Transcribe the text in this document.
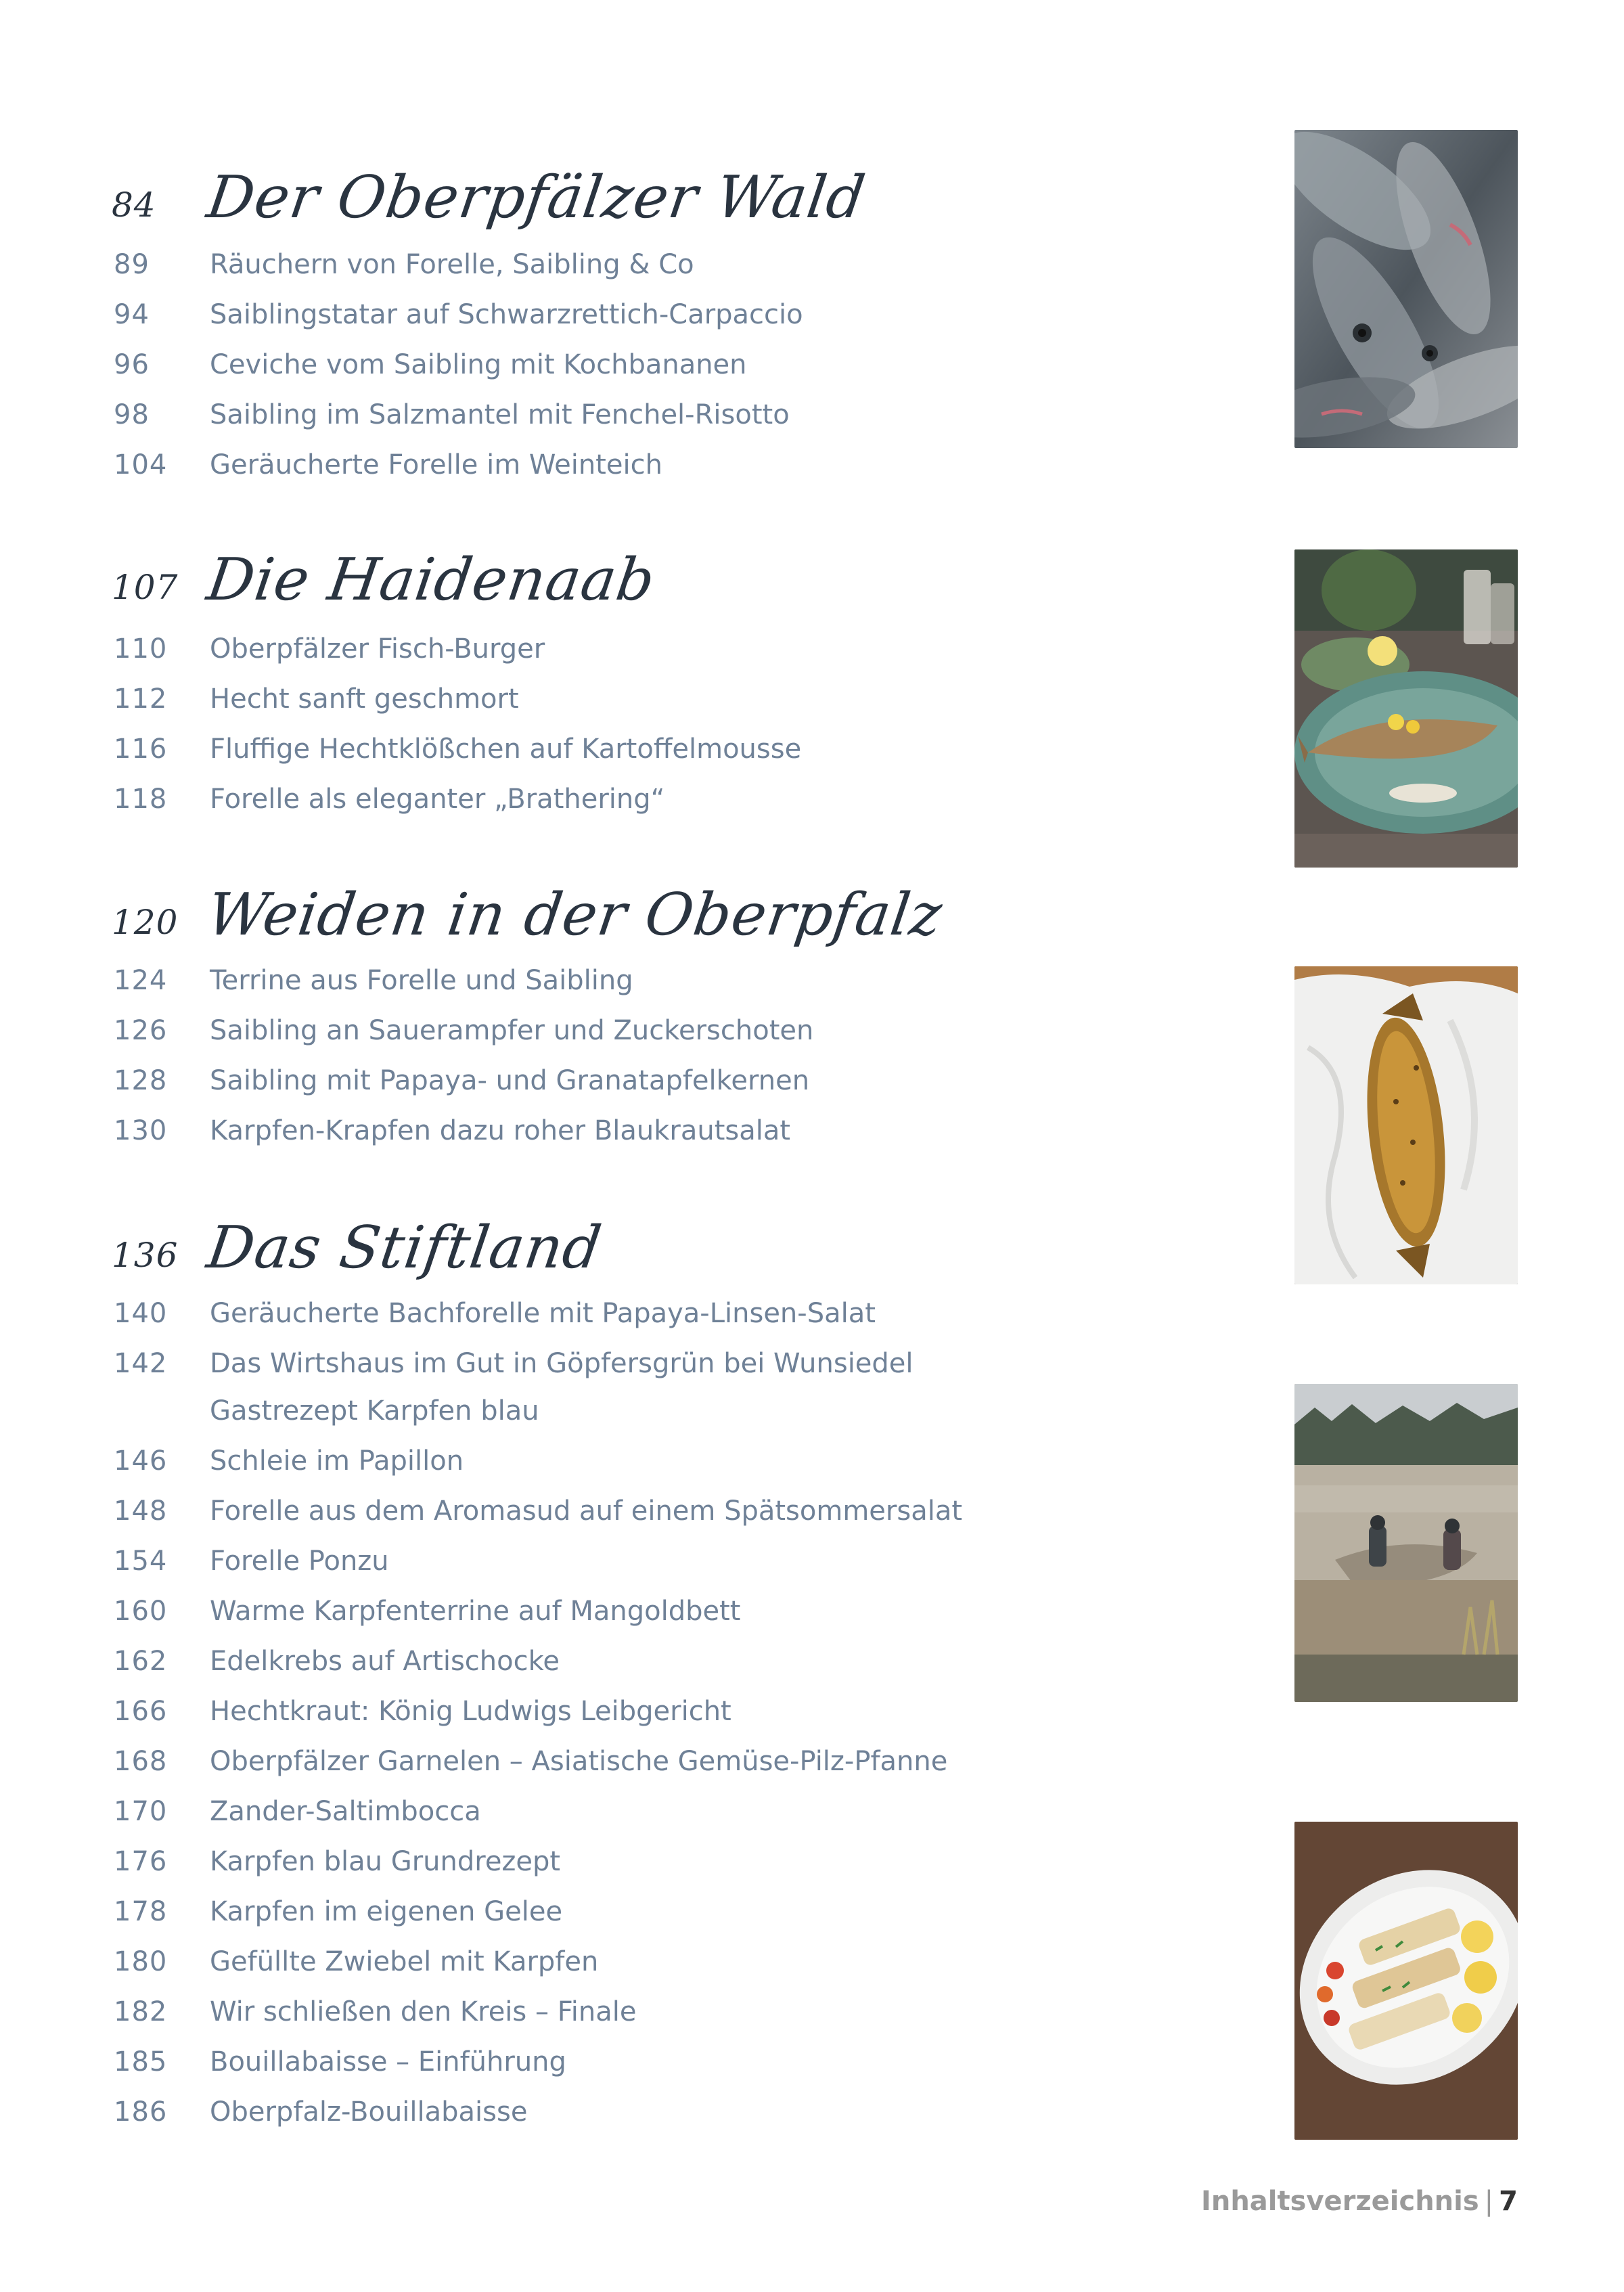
84 Der Oberpfälzer Wald
89 Räuchern von Forelle, Saibling & Co
94 Saiblingstatar auf Schwarzrettich-Carpaccio
96 Ceviche vom Saibling mit Kochbananen
98 Saibling im Salzmantel mit Fenchel-Risotto
104 Geräucherte Forelle im Weinteich
107 Die Haidenaab
110 Oberpfälzer Fisch-Burger
112 Hecht sanft geschmort
116 Fluffige Hechtklößchen auf Kartoffelmousse
118 Forelle als eleganter „Brathering“
120 Weiden in der Oberpfalz
124 Terrine aus Forelle und Saibling
126 Saibling an Sauerampfer und Zuckerschoten
128 Saibling mit Papaya- und Granatapfelkernen
130 Karpfen-Krapfen dazu roher Blaukrautsalat
136 Das Stiftland
140 Geräucherte Bachforelle mit Papaya-Linsen-Salat
142 Das Wirtshaus im Gut in Göpfersgrün bei Wunsiedel
Gastrezept Karpfen blau
146 Schleie im Papillon
148 Forelle aus dem Aromasud auf einem Spätsommersalat
154 Forelle Ponzu
160 Warme Karpfenterrine auf Mangoldbett
162 Edelkrebs auf Artischocke
166 Hechtkraut: König Ludwigs Leibgericht
168 Oberpfälzer Garnelen – Asiatische Gemüse-Pilz-Pfanne
170 Zander-Saltimbocca
176 Karpfen blau Grundrezept
178 Karpfen im eigenen Gelee
180 Gefüllte Zwiebel mit Karpfen
182 Wir schließen den Kreis – Finale
185 Bouillabaisse – Einführung
186 Oberpfalz-Bouillabaisse
Inhaltsverzeichnis | 7
